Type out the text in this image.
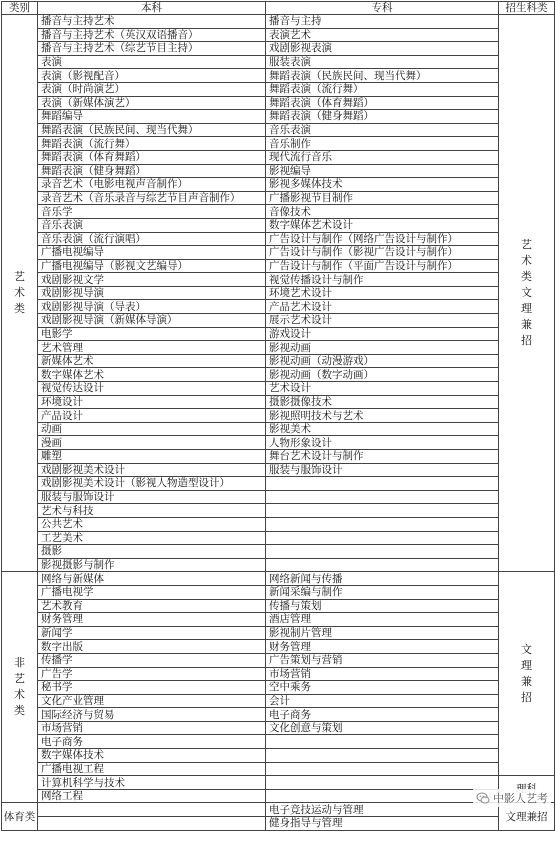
类别	本科	专科	招生科类

艺术类	播音与主持艺术	播音与主持	艺术类文理兼招

	播音与主持艺术（英汉双语播音）	表演艺术	
	播音与主持艺术（综艺节目主持）	戏剧影视表演	
	表演	服装表演	
	表演（影视配音）	舞蹈表演（民族民间、现当代舞）	
	表演（时尚演艺）	舞蹈表演（流行舞）	
	表演（新媒体演艺）	舞蹈表演（体育舞蹈）	
	舞蹈编导	舞蹈表演（健身舞蹈）	
	舞蹈表演（民族民间、现当代舞）	音乐表演	
	舞蹈表演（流行舞）	音乐制作	
	舞蹈表演（体育舞蹈）	现代流行音乐	
	舞蹈表演（健身舞蹈）	影视编导	
	录音艺术（电影电视声音制作）	影视多媒体技术	
	录音艺术（音乐录音与综艺节目声音制作）	广播影视节目制作	
	音乐学	音像技术	
	音乐表演	数字媒体艺术设计	
	音乐表演（流行演唱）	广告设计与制作（网络广告设计与制作）	
	广播电视编导	广告设计与制作（影视广告设计与制作）	
	广播电视编导（影视文艺编导）	广告设计与制作（平面广告设计与制作）	
	戏剧影视文学	视觉传播设计与制作	
	戏剧影视导演	环境艺术设计	
	戏剧影视导演（导表）	产品艺术设计	
	戏剧影视导演（新媒体导演）	展示艺术设计	
	电影学	游戏设计	
	艺术管理	影视动画	
	新媒体艺术	影视动画（动漫游戏）	
	数字媒体艺术	影视动画（数字动画）	
	视觉传达设计	艺术设计	
	环境设计	摄影摄像技术	
	产品设计	影视照明技术与艺术	
	动画	影视美术	
	漫画	人物形象设计	
	雕塑	舞台艺术设计与制作	
	戏剧影视美术设计	服装与服饰设计	
	戏剧影视美术设计（影视人物造型设计）		
	服装与服饰设计		
	艺术与科技		
	公共艺术		
	工艺美术		
	摄影		
	影视摄影与制作		

非艺术类	网络与新媒体	网络新闻与传播	文理兼招

	广播电视学	新闻采编与制作	
	艺术教育	传播与策划	
	财务管理	酒店管理	
	新闻学	影视制片管理	
	数字出版	财务管理	
	传播学	广告策划与营销	
	广告学	市场营销	
	秘书学	空中乘务	
	文化产业管理	会计	
	国际经济与贸易	电子商务	
	市场营销	文化创意与策划	
	电子商务		
	数字媒体技术		
	广播电视工程		
	计算机科学与技术		
	网络工程		

体育类		电子竞技运动与管理	文理兼招
		健身指导与管理	
中影人艺考
